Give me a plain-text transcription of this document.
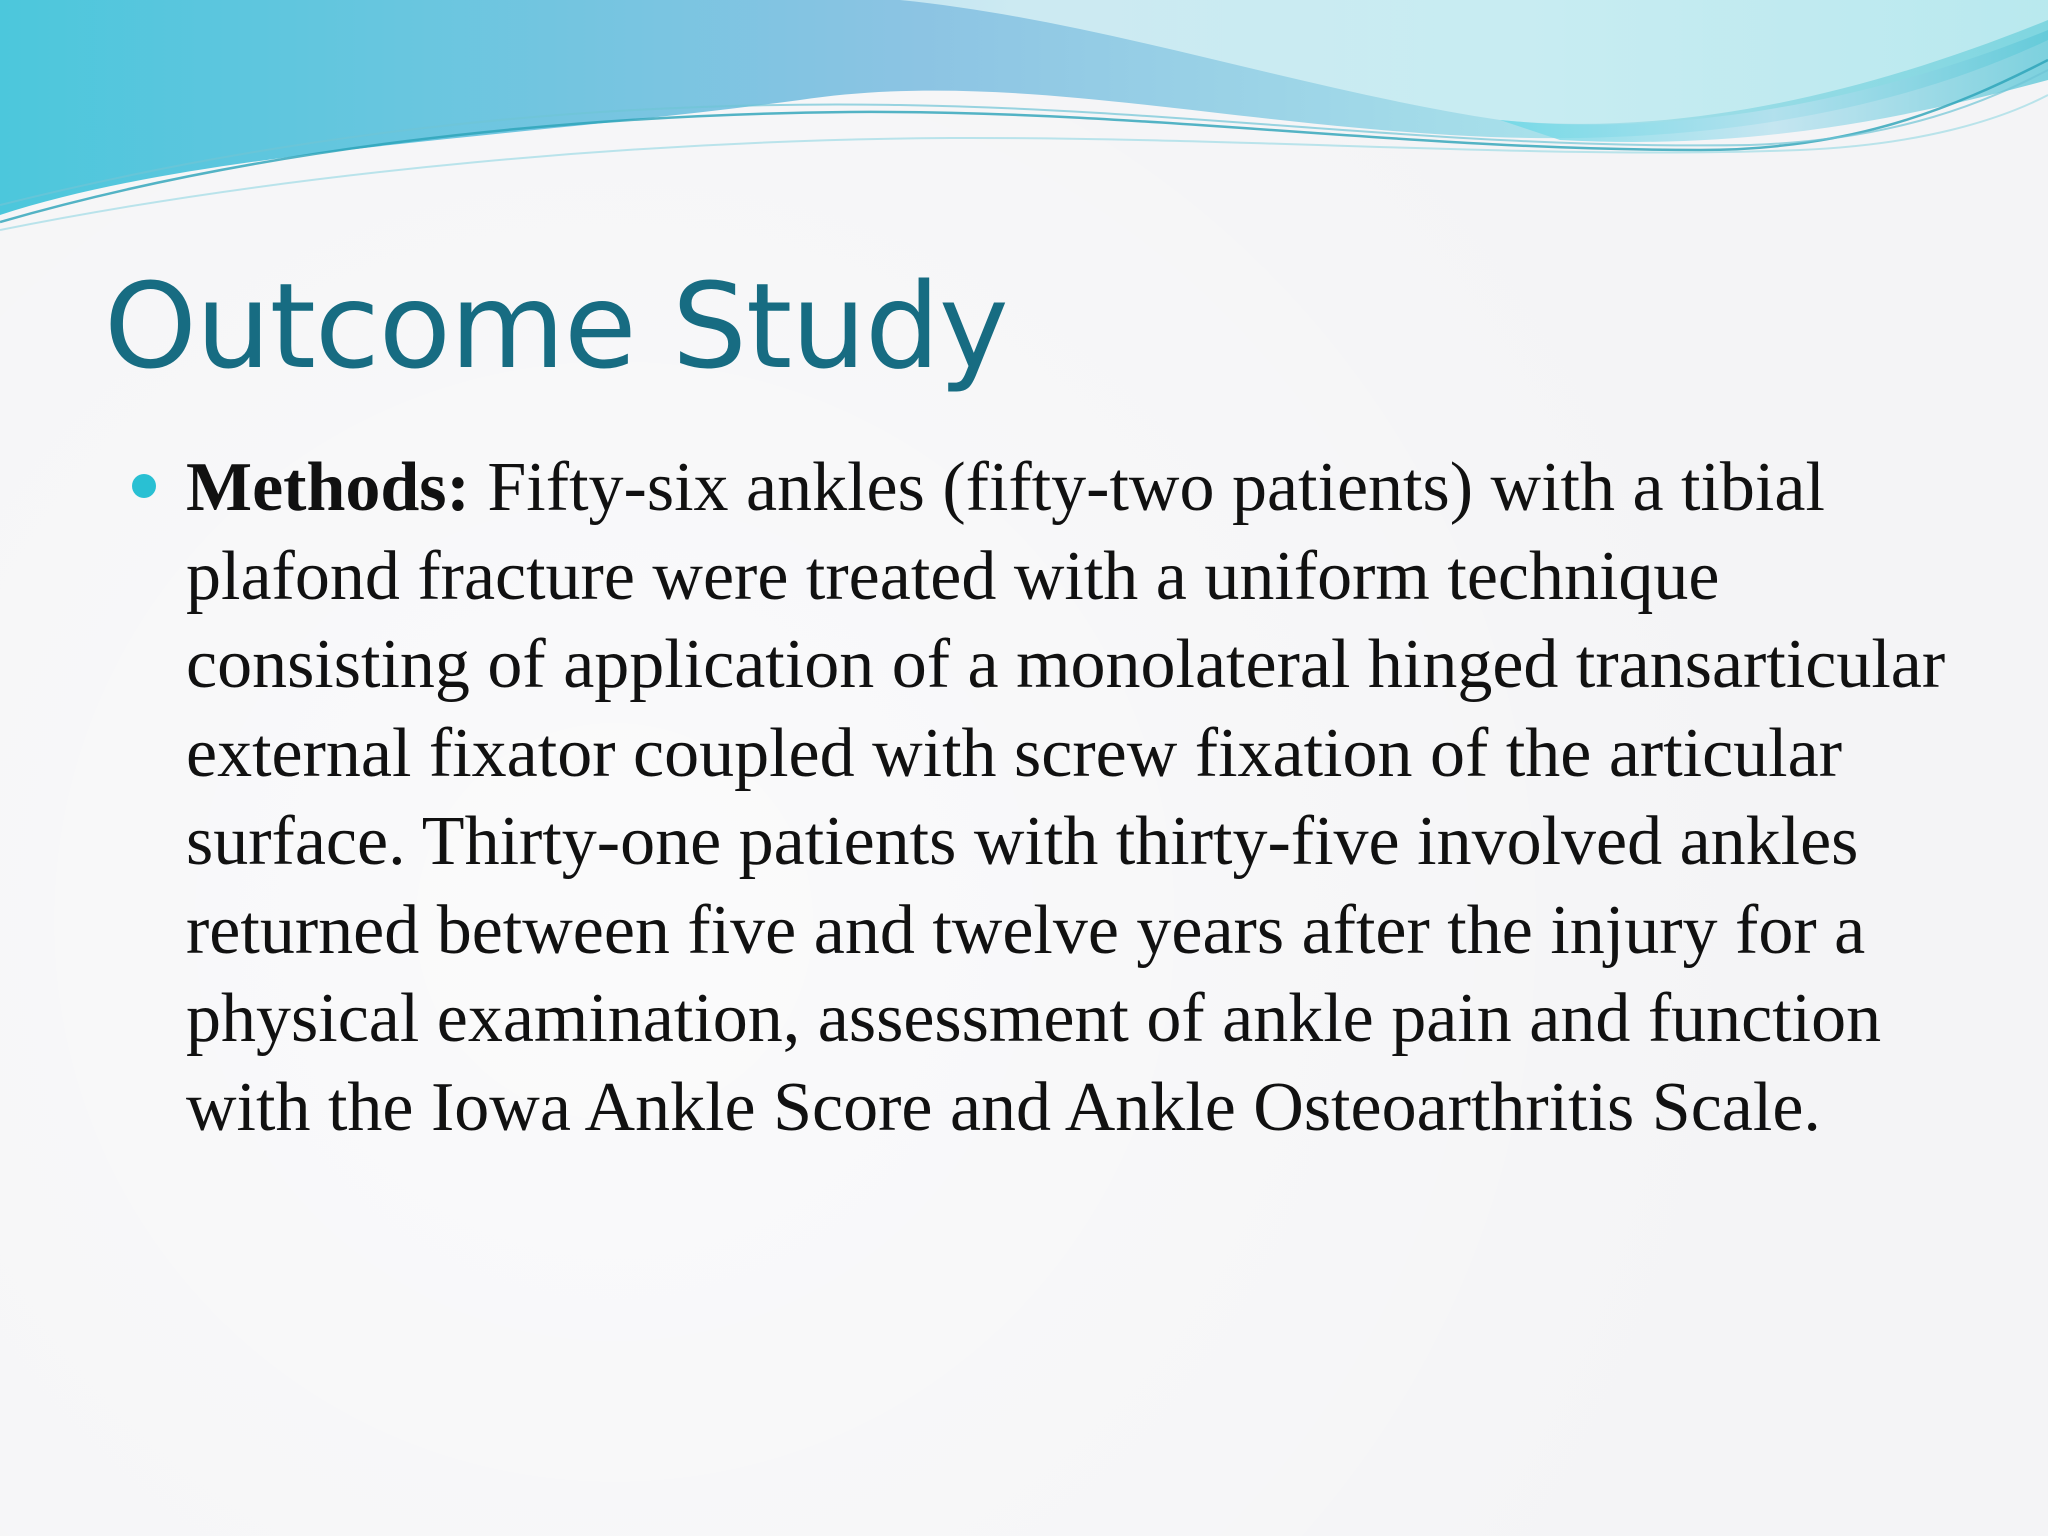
Outcome Study

Methods: Fifty-six ankles (fifty-two patients) with a tibial plafond fracture were treated with a uniform technique consisting of application of a monolateral hinged transarticular external fixator coupled with screw fixation of the articular surface. Thirty-one patients with thirty-five involved ankles returned between five and twelve years after the injury for a physical examination, assessment of ankle pain and function with the Iowa Ankle Score and Ankle Osteoarthritis Scale.
